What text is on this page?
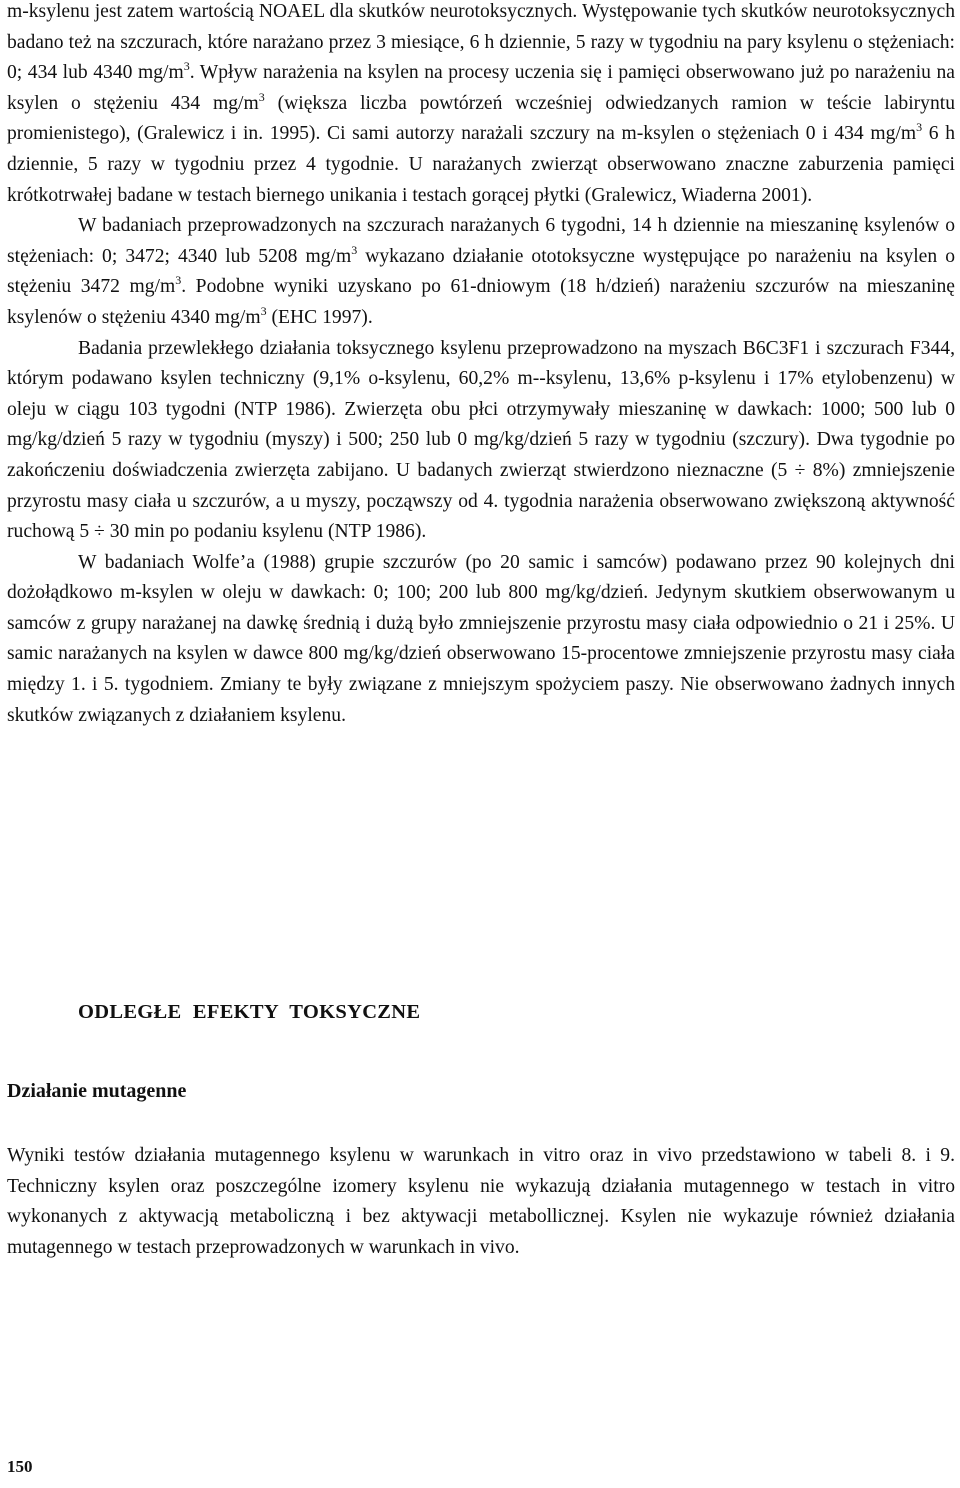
m-ksylenu jest zatem wartością NOAEL dla skutków neurotoksycznych. Występowanie tych skutków neurotoksycznych badano też na szczurach, które narażano przez 3 miesiące, 6 h dziennie, 5 razy w tygodniu na pary ksylenu o stężeniach: 0; 434 lub 4340 $mg/m^3$. Wpływ narażenia na ksylen na procesy uczenia się i pamięci obserwowano już po narażeniu na ksylen o stężeniu 434 $mg/m^3$ (większa liczba powtórzeń wcześniej odwiedzanych ramion w teście labiryntu promienistego), (Gralewicz i in. 1995). Ci sami autorzy narażali szczury na m-ksylen o stężeniach 0 i 434 $mg/m^3$ 6 h dziennie, 5 razy w tygodniu przez 4 tygodnie. U narażanych zwierząt obserwowano znaczne zaburzenia pamięci krótkotrwałej badane w testach biernego unikania i testach gorącej płytki (Gralewicz, Wiaderna 2001).

W badaniach przeprowadzonych na szczurach narażanych 6 tygodni, 14 h dziennie na mieszaninę ksylenów o stężeniach: 0; 3472; 4340 lub 5208 $mg/m^3$ wykazano działanie ototoksyczne występujące po narażeniu na ksylen o stężeniu 3472 $mg/m^3$. Podobne wyniki uzyskano po 61-dniowym (18 h/dzień) narażeniu szczurów na mieszaninę ksylenów o stężeniu 4340 $mg/m^3$ (EHC 1997).

Badania przewlekłego działania toksycznego ksylenu przeprowadzono na myszach B6C3F1 i szczurach F344, którym podawano ksylen techniczny (9,1% o-ksylenu, 60,2% m--ksylenu, 13,6% p-ksylenu i 17% etylobenzenu) w oleju w ciągu 103 tygodni (NTP 1986). Zwierzęta obu płci otrzymywały mieszaninę w dawkach: 1000; 500 lub 0 mg/kg/dzień 5 razy w tygodniu (myszy) i 500; 250 lub 0 mg/kg/dzień 5 razy w tygodniu (szczury). Dwa tygodnie po zakończeniu doświadczenia zwierzęta zabijano. U badanych zwierząt stwierdzono nieznaczne (5 ÷ 8%) zmniejszenie przyrostu masy ciała u szczurów, a u myszy, począwszy od 4. tygodnia narażenia obserwowano zwiększoną aktywność ruchową 5 ÷ 30 min po podaniu ksylenu (NTP 1986).

W badaniach Wolfe’a (1988) grupie szczurów (po 20 samic i samców) podawano przez 90 kolejnych dni dożołądkowo m-ksylen w oleju w dawkach: 0; 100; 200 lub 800 mg/kg/dzień. Jedynym skutkiem obserwowanym u samców z grupy narażanej na dawkę średnią i dużą było zmniejszenie przyrostu masy ciała odpowiednio o 21 i 25%. U samic narażanych na ksylen w dawce 800 mg/kg/dzień obserwowano 15-procentowe zmniejszenie przyrostu masy ciała między 1. i 5. tygodniem. Zmiany te były związane z mniejszym spożyciem paszy. Nie obserwowano żadnych innych skutków związanych z działaniem ksylenu.

ODLEGŁE EFEKTY TOKSYCZNE
Działanie mutagenne

Wyniki testów działania mutagennego ksylenu w warunkach in vitro oraz in vivo przedstawiono w tabeli 8. i 9. Techniczny ksylen oraz poszczególne izomery ksylenu nie wykazują działania mutagennego w testach in vitro wykonanych z aktywacją metaboliczną i bez aktywacji metabollicznej. Ksylen nie wykazuje również działania mutagennego w testach przeprowadzonych w warunkach in vivo.

150
